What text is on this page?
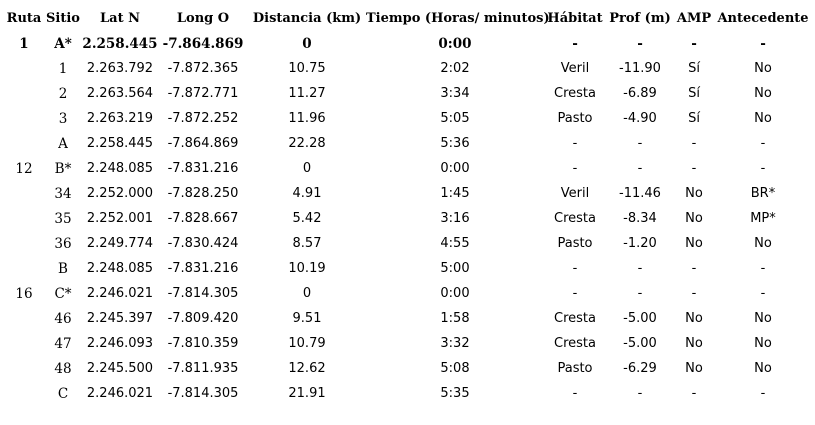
Ruta	Sitio	Lat N	Long O	Distancia (km)	Tiempo (Horas/ minutos)	Hábitat	Prof (m)	AMP	Antecedente
1	A*	2.258.445	-7.864.869	0	0:00	-	-	-	-
	1	2.263.792	-7.872.365	10.75	2:02	Veril	-11.90	Sí	No
	2	2.263.564	-7.872.771	11.27	3:34	Cresta	-6.89	Sí	No
	3	2.263.219	-7.872.252	11.96	5:05	Pasto	-4.90	Sí	No
	A	2.258.445	-7.864.869	22.28	5:36	-	-	-	-
12	B*	2.248.085	-7.831.216	0	0:00	-	-	-	-
	34	2.252.000	-7.828.250	4.91	1:45	Veril	-11.46	No	BR*
	35	2.252.001	-7.828.667	5.42	3:16	Cresta	-8.34	No	MP*
	36	2.249.774	-7.830.424	8.57	4:55	Pasto	-1.20	No	No
	B	2.248.085	-7.831.216	10.19	5:00	-	-	-	-
16	C*	2.246.021	-7.814.305	0	0:00	-	-	-	-
	46	2.245.397	-7.809.420	9.51	1:58	Cresta	-5.00	No	No
	47	2.246.093	-7.810.359	10.79	3:32	Cresta	-5.00	No	No
	48	2.245.500	-7.811.935	12.62	5:08	Pasto	-6.29	No	No
	C	2.246.021	-7.814.305	21.91	5:35	-	-	-	-
